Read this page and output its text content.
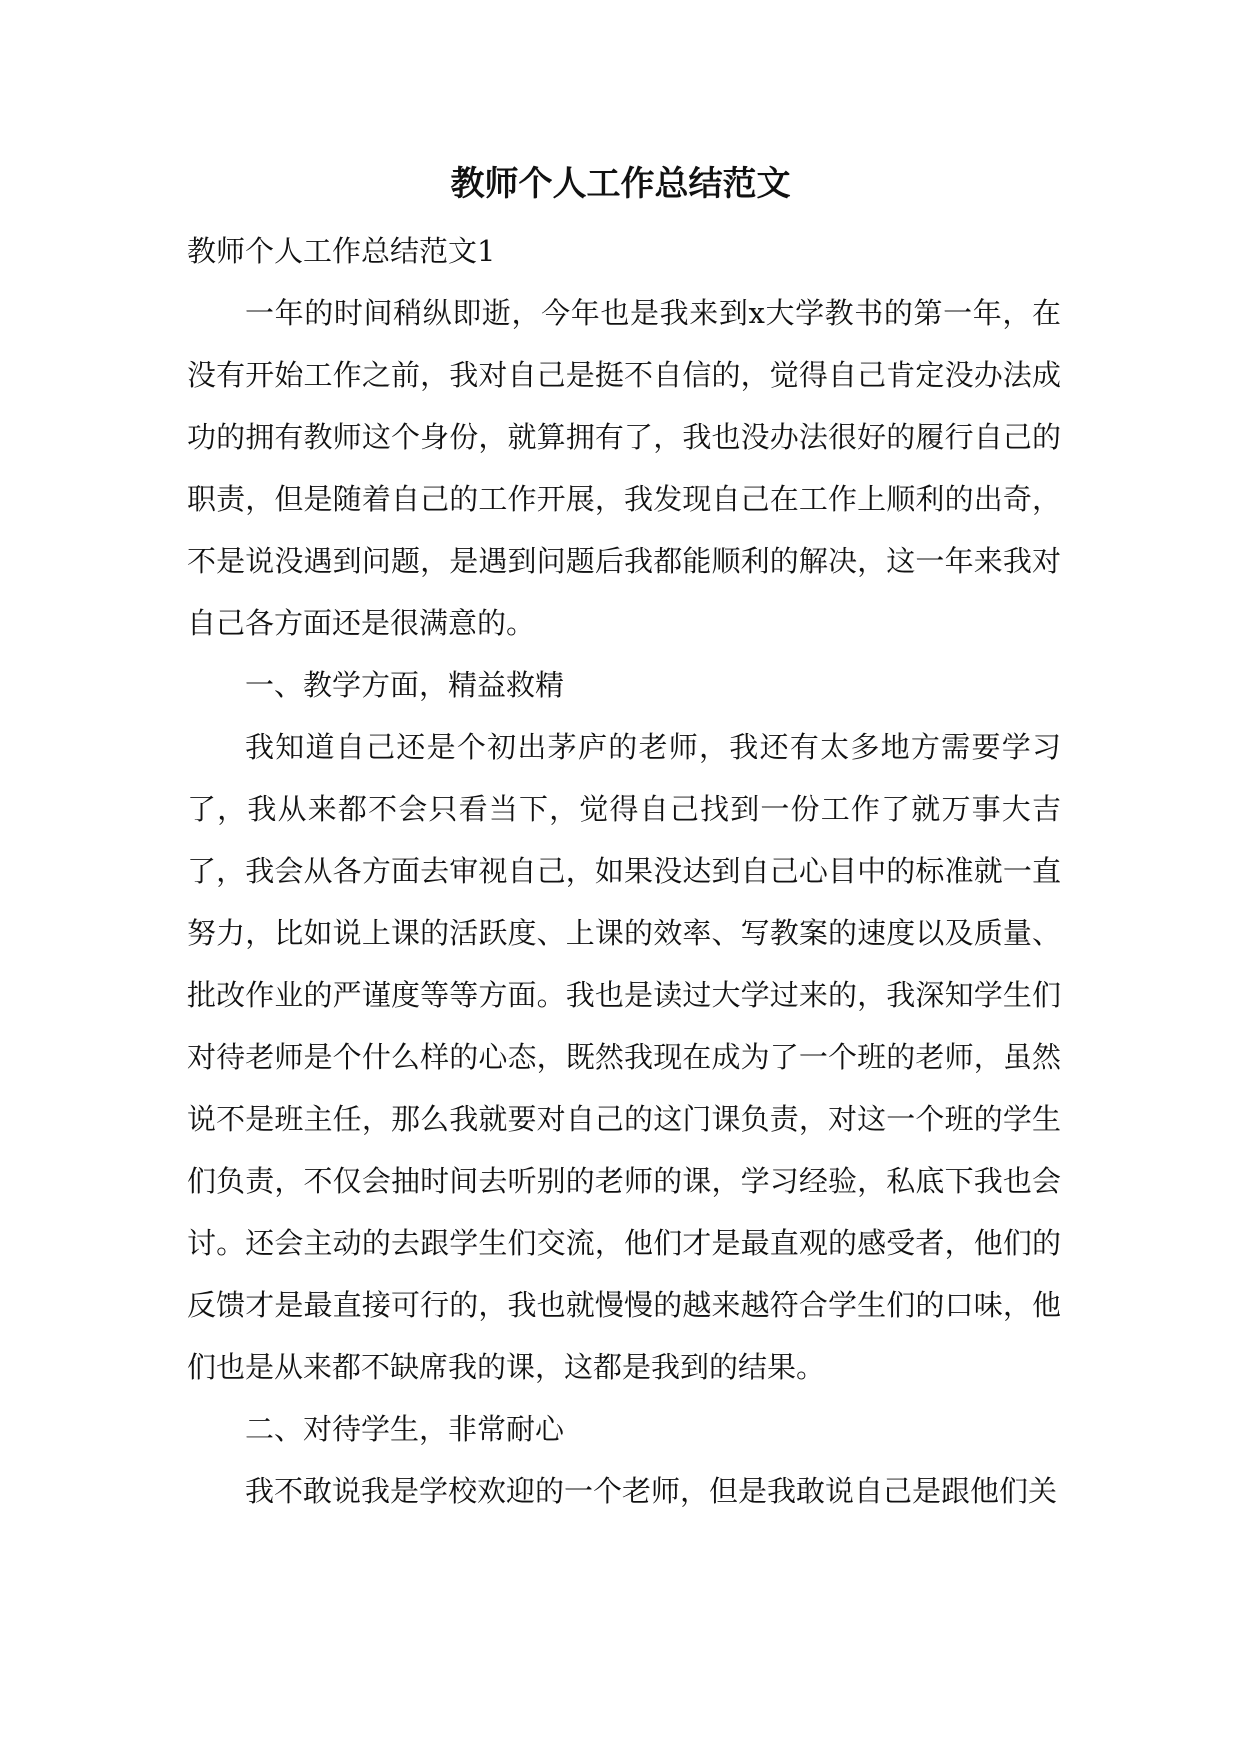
教师个人工作总结范文

教师个人工作总结范文1

一年的时间稍纵即逝，今年也是我来到x大学教书的第一年，在没有开始工作之前，我对自己是挺不自信的，觉得自己肯定没办法成功的拥有教师这个身份，就算拥有了，我也没办法很好的履行自己的职责，但是随着自己的工作开展，我发现自己在工作上顺利的出奇，不是说没遇到问题，是遇到问题后我都能顺利的解决，这一年来我对自己各方面还是很满意的。

一、教学方面，精益救精

我知道自己还是个初出茅庐的老师，我还有太多地方需要学习了，我从来都不会只看当下，觉得自己找到一份工作了就万事大吉了，我会从各方面去审视自己，如果没达到自己心目中的标准就一直努力，比如说上课的活跃度、上课的效率、写教案的速度以及质量、批改作业的严谨度等等方面。我也是读过大学过来的，我深知学生们对待老师是个什么样的心态，既然我现在成为了一个班的老师，虽然说不是班主任，那么我就要对自己的这门课负责，对这一个班的学生们负责，不仅会抽时间去听别的老师的课，学习经验，私底下我也会讨。还会主动的去跟学生们交流，他们才是最直观的感受者，他们的反馈才是最直接可行的，我也就慢慢的越来越符合学生们的口味，他们也是从来都不缺席我的课，这都是我到的结果。

二、对待学生，非常耐心

我不敢说我是学校欢迎的一个老师，但是我敢说自己是跟他们关
